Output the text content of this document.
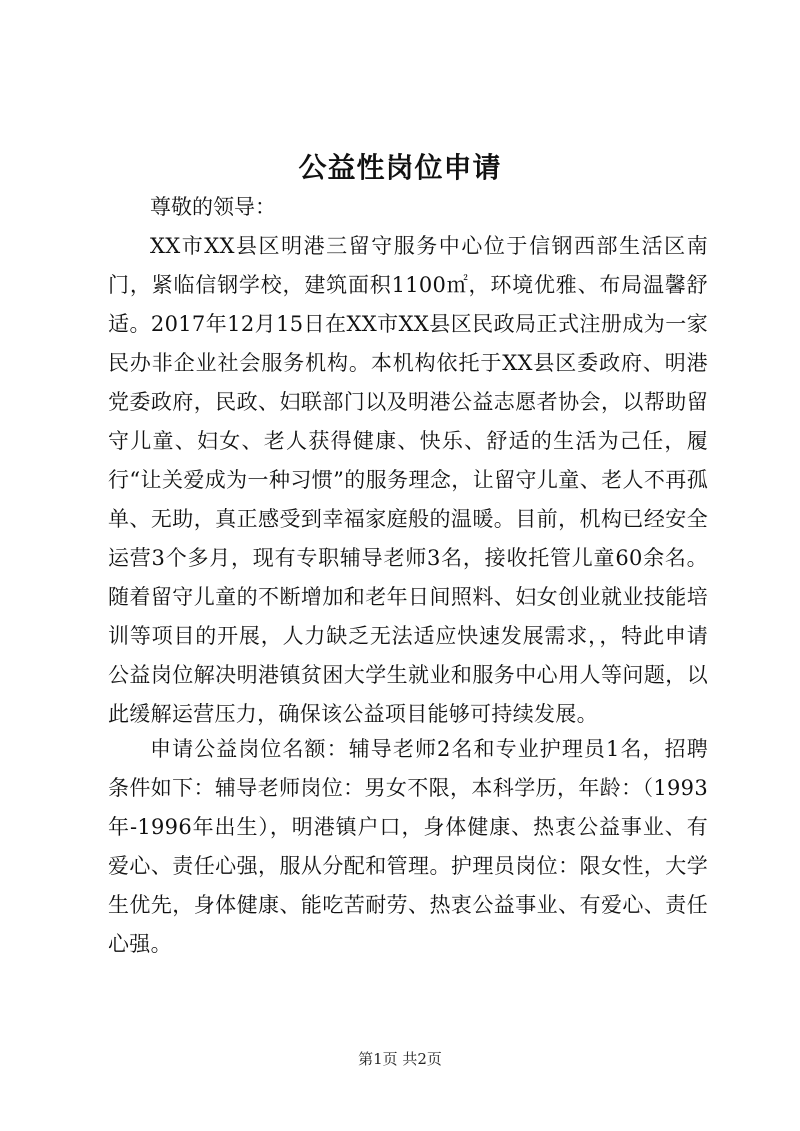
公益性岗位申请

尊敬的领导：

XX市XX县区明港三留守服务中心位于信钢西部生活区南门，紧临信钢学校，建筑面积1100㎡，环境优雅、布局温馨舒适。2017年12月15日在XX市XX县区民政局正式注册成为一家民办非企业社会服务机构。本机构依托于XX县区委政府、明港党委政府，民政、妇联部门以及明港公益志愿者协会，以帮助留守儿童、妇女、老人获得健康、快乐、舒适的生活为己任，履行“让关爱成为一种习惯”的服务理念，让留守儿童、老人不再孤单、无助，真正感受到幸福家庭般的温暖。目前，机构已经安全运营3个多月，现有专职辅导老师3名，接收托管儿童60余名。随着留守儿童的不断增加和老年日间照料、妇女创业就业技能培训等项目的开展，人力缺乏无法适应快速发展需求，，特此申请公益岗位解决明港镇贫困大学生就业和服务中心用人等问题，以此缓解运营压力，确保该公益项目能够可持续发展。

申请公益岗位名额：辅导老师2名和专业护理员1名，招聘条件如下：辅导老师岗位：男女不限，本科学历，年龄：（1993年-1996年出生），明港镇户口，身体健康、热衷公益事业、有爱心、责任心强，服从分配和管理。护理员岗位：限女性，大学生优先，身体健康、能吃苦耐劳、热衷公益事业、有爱心、责任心强。

第1页 共2页
